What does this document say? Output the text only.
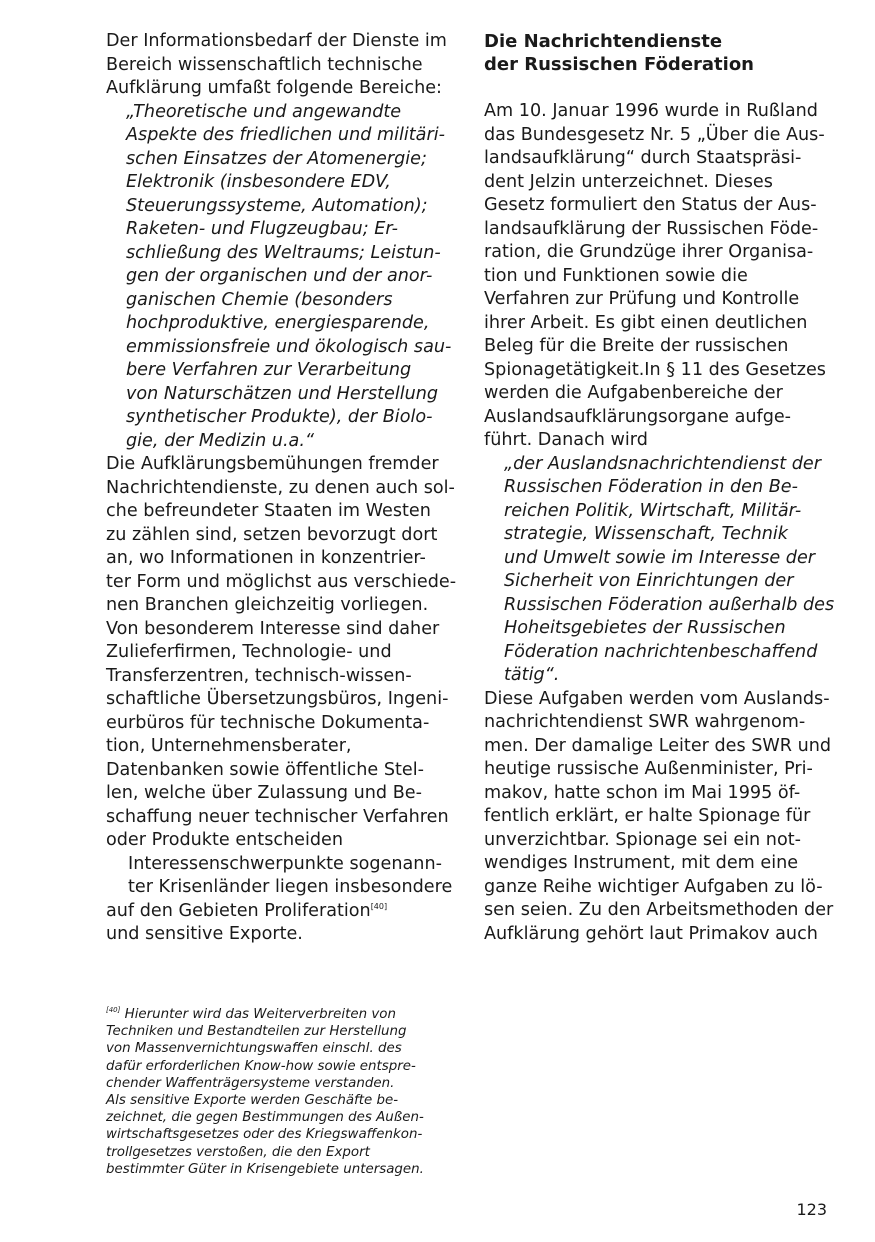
Der Informationsbedarf der Dienste im
Bereich wissenschaftlich technische
Aufklärung umfaßt folgende Bereiche:
„Theoretische und angewandte
Aspekte des friedlichen und militäri-
schen Einsatzes der Atomenergie;
Elektronik (insbesondere EDV,
Steuerungssysteme, Automation);
Raketen- und Flugzeugbau; Er-
schließung des Weltraums; Leistun-
gen der organischen und der anor-
ganischen Chemie (besonders
hochproduktive, energiesparende,
emmissionsfreie und ökologisch sau-
bere Verfahren zur Verarbeitung
von Naturschätzen und Herstellung
synthetischer Produkte), der Biolo-
gie, der Medizin u.a.“
Die Aufklärungsbemühungen fremder
Nachrichtendienste, zu denen auch sol-
che befreundeter Staaten im Westen
zu zählen sind, setzen bevorzugt dort
an, wo Informationen in konzentrier-
ter Form und möglichst aus verschiede-
nen Branchen gleichzeitig vorliegen.
Von besonderem Interesse sind daher
Zulieferfirmen, Technologie- und
Transferzentren, technisch-wissen-
schaftliche Übersetzungsbüros, Ingeni-
eurbüros für technische Dokumenta-
tion, Unternehmensberater,
Datenbanken sowie öffentliche Stel-
len, welche über Zulassung und Be-
schaffung neuer technischer Verfahren
oder Produkte entscheiden
Interessenschwerpunkte sogenann-
ter Krisenländer liegen insbesondere
auf den Gebieten Proliferation[40]
und sensitive Exporte.
[40] Hierunter wird das Weiterverbreiten von
Techniken und Bestandteilen zur Herstellung
von Massenvernichtungswaffen einschl. des
dafür erforderlichen Know-how sowie entspre-
chender Waffenträgersysteme verstanden.
Als sensitive Exporte werden Geschäfte be-
zeichnet, die gegen Bestimmungen des Außen-
wirtschaftsgesetzes oder des Kriegswaffenkon-
trollgesetzes verstoßen, die den Export
bestimmter Güter in Krisengebiete untersagen.
Die Nachrichtendienste
der Russischen Föderation
Am 10. Januar 1996 wurde in Rußland
das Bundesgesetz Nr. 5 „Über die Aus-
landsaufklärung“ durch Staatspräsi-
dent Jelzin unterzeichnet. Dieses
Gesetz formuliert den Status der Aus-
landsaufklärung der Russischen Föde-
ration, die Grundzüge ihrer Organisa-
tion und Funktionen sowie die
Verfahren zur Prüfung und Kontrolle
ihrer Arbeit. Es gibt einen deutlichen
Beleg für die Breite der russischen
Spionagetätigkeit.In § 11 des Gesetzes
werden die Aufgabenbereiche der
Auslandsaufklärungsorgane aufge-
führt. Danach wird
„der Auslandsnachrichtendienst der
Russischen Föderation in den Be-
reichen Politik, Wirtschaft, Militär-
strategie, Wissenschaft, Technik
und Umwelt sowie im Interesse der
Sicherheit von Einrichtungen der
Russischen Föderation außerhalb des
Hoheitsgebietes der Russischen
Föderation nachrichtenbeschaffend
tätig“.
Diese Aufgaben werden vom Auslands-
nachrichtendienst SWR wahrgenom-
men. Der damalige Leiter des SWR und
heutige russische Außenminister, Pri-
makov, hatte schon im Mai 1995 öf-
fentlich erklärt, er halte Spionage für
unverzichtbar. Spionage sei ein not-
wendiges Instrument, mit dem eine
ganze Reihe wichtiger Aufgaben zu lö-
sen seien. Zu den Arbeitsmethoden der
Aufklärung gehört laut Primakov auch
123
